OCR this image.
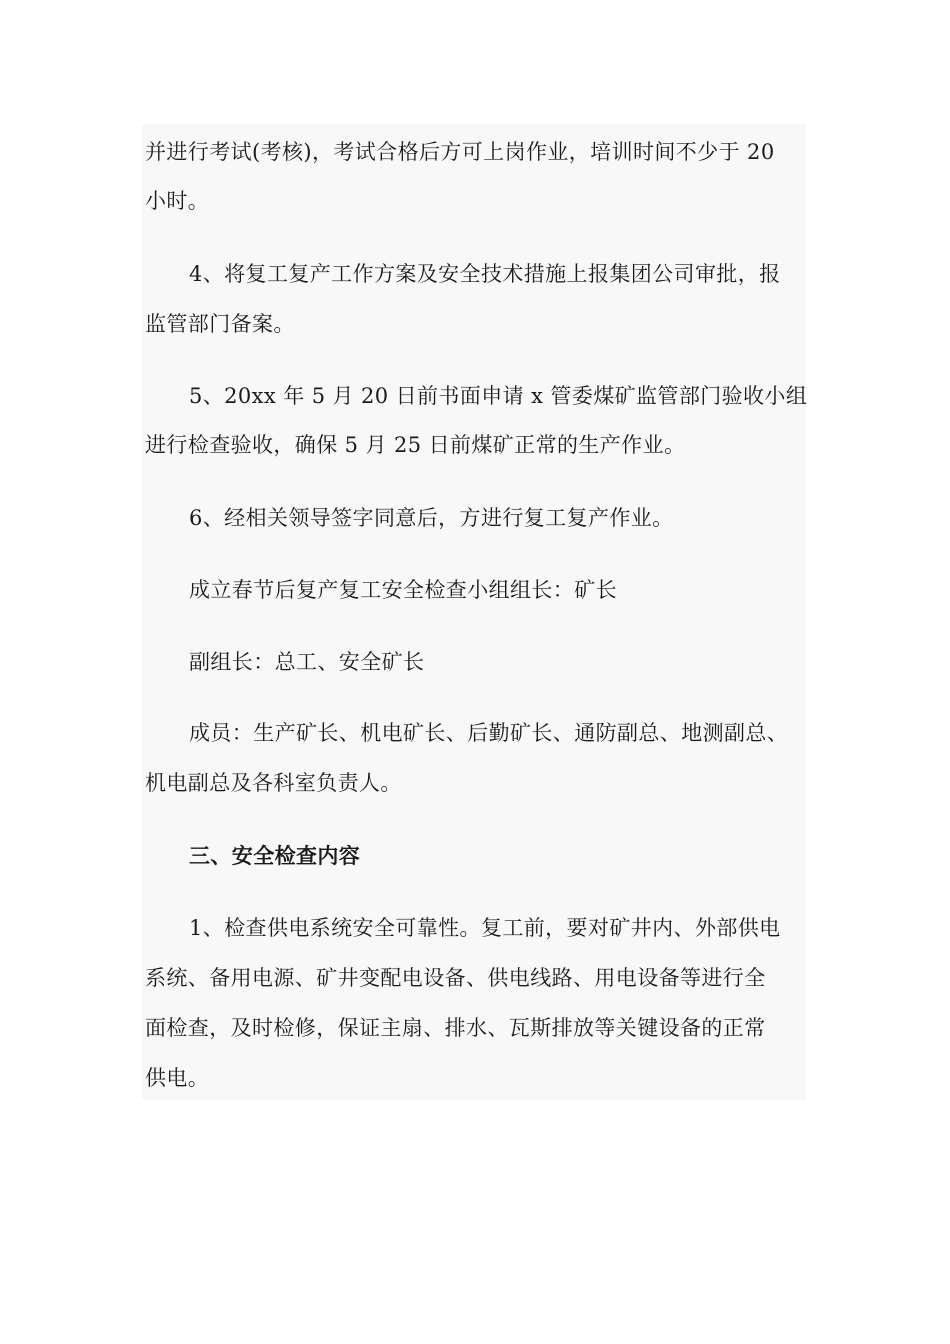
并进行考试(考核)，考试合格后方可上岗作业，培训时间不少于 20
小时。
4、将复工复产工作方案及安全技术措施上报集团公司审批，报
监管部门备案。
5、20xx 年 5 月 20 日前书面申请 x 管委煤矿监管部门验收小组
进行检查验收，确保 5 月 25 日前煤矿正常的生产作业。
6、经相关领导签字同意后，方进行复工复产作业。
成立春节后复产复工安全检查小组组长：矿长
副组长：总工、安全矿长
成员：生产矿长、机电矿长、后勤矿长、通防副总、地测副总、
机电副总及各科室负责人。
三、安全检查内容
1、检查供电系统安全可靠性。复工前，要对矿井内、外部供电
系统、备用电源、矿井变配电设备、供电线路、用电设备等进行全
面检查，及时检修，保证主扇、排水、瓦斯排放等关键设备的正常
供电。
